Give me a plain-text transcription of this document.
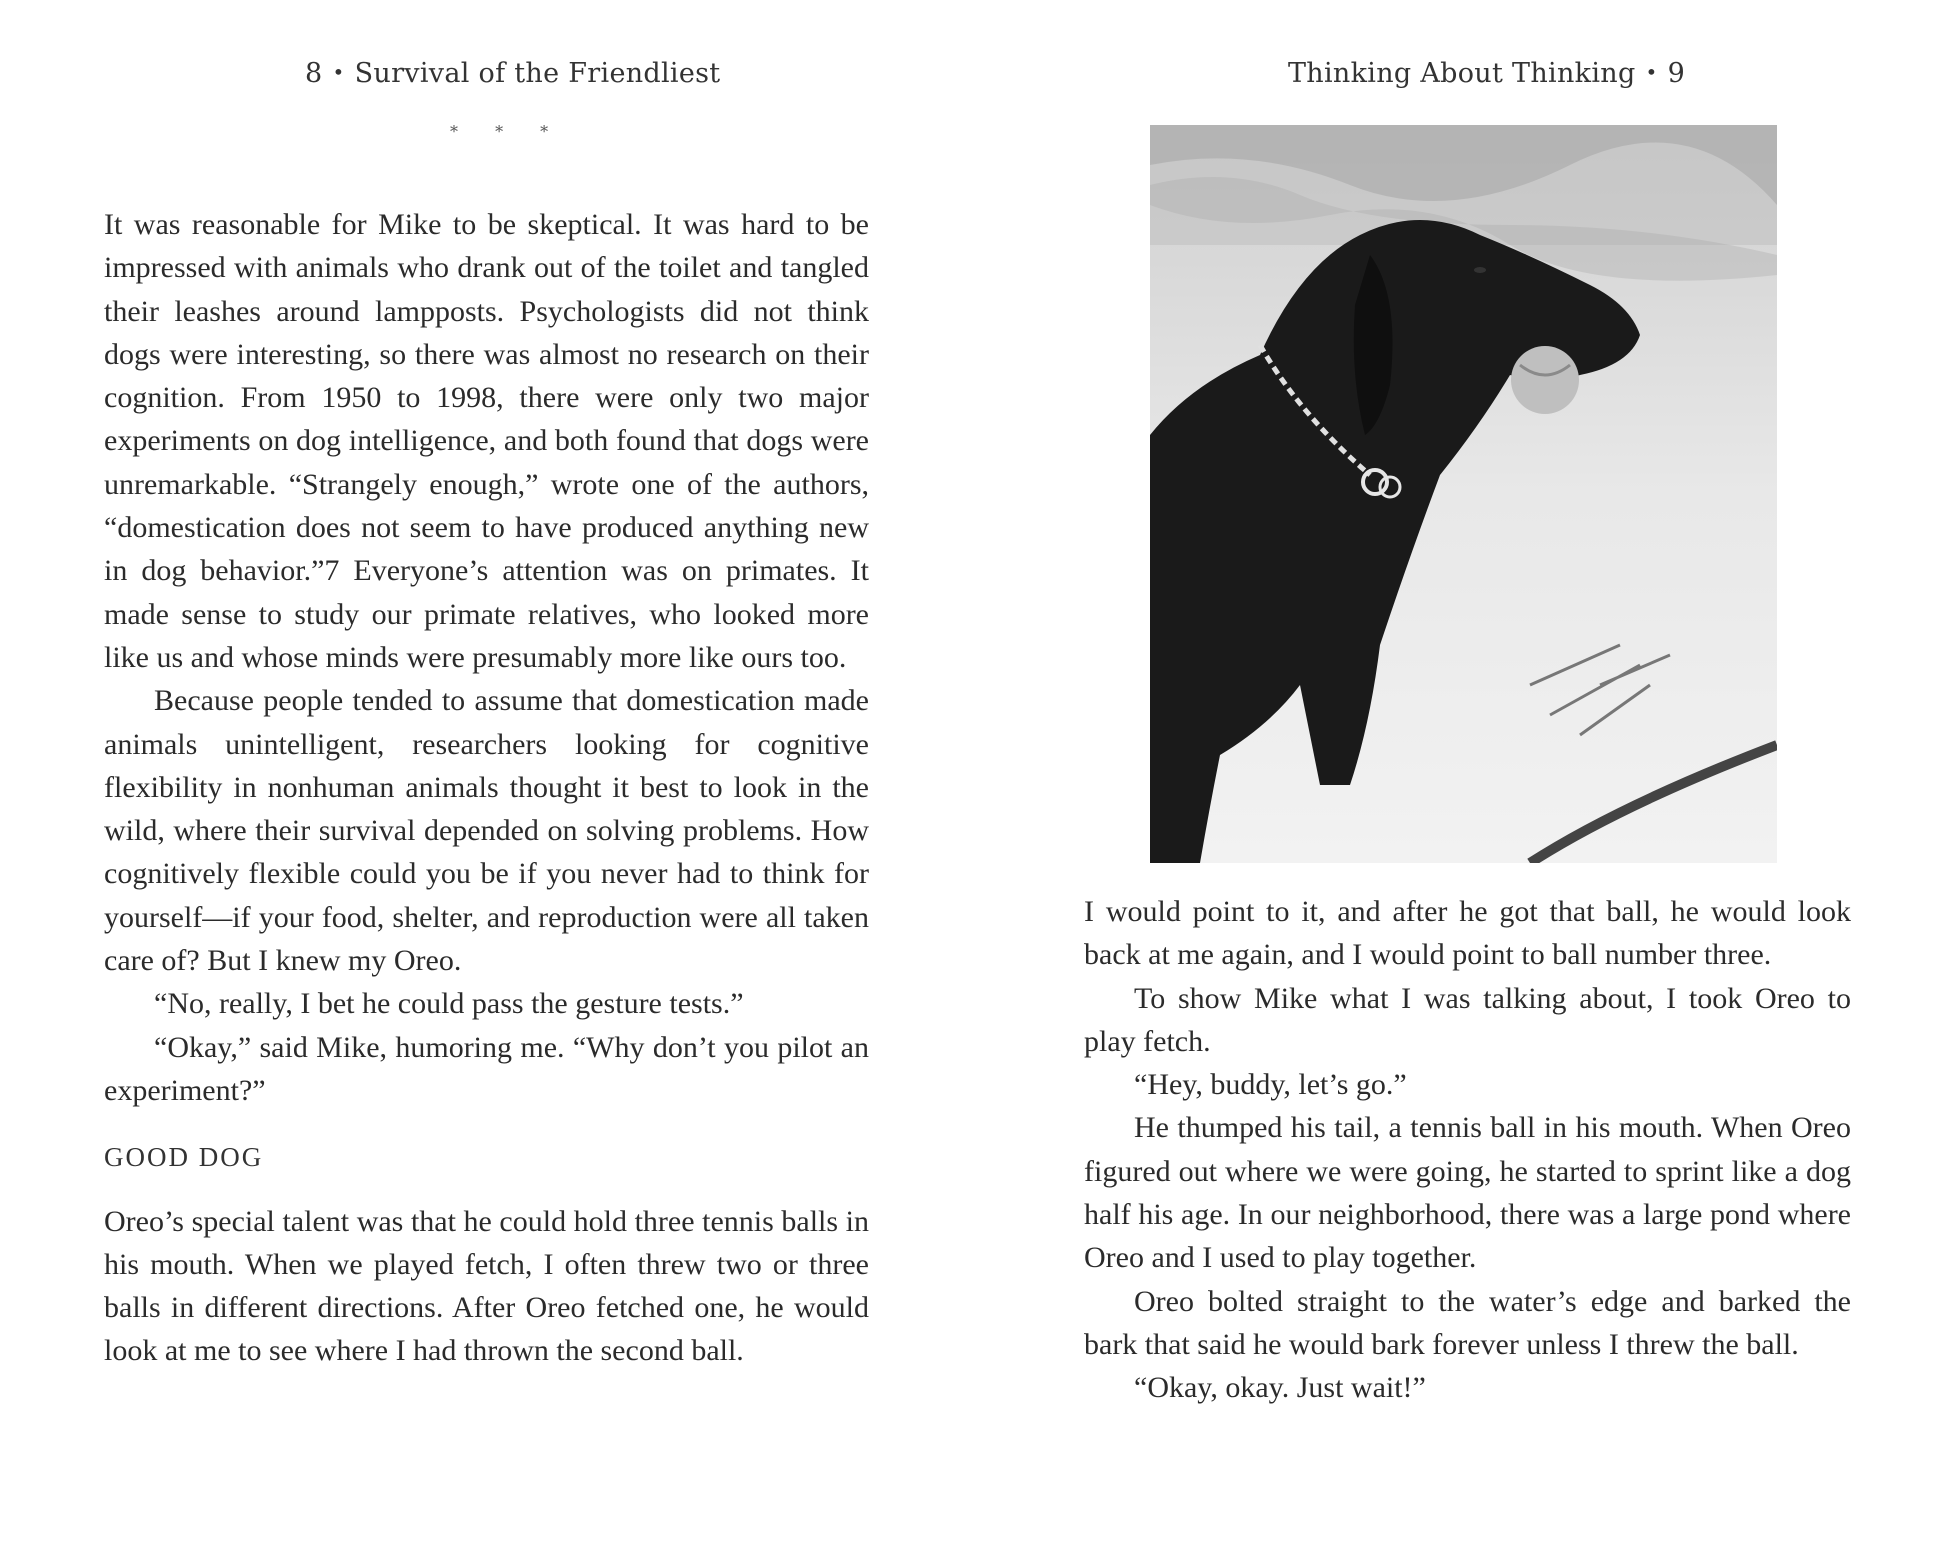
8 • Survival of the Friendliest
* * *

It was reasonable for Mike to be skeptical. It was hard to be impressed with animals who drank out of the toilet and tangled their leashes around lampposts. Psychologists did not think dogs were interesting, so there was almost no research on their cognition. From 1950 to 1998, there were only two major experiments on dog intelligence, and both found that dogs were unremarkable. “Strangely enough,” wrote one of the authors, “domestication does not seem to have produced anything new in dog behavior.”7 Everyone’s attention was on primates. It made sense to study our primate relatives, who looked more like us and whose minds were presumably more like ours too.

Because people tended to assume that domestication made animals unintelligent, researchers looking for cognitive flexibility in nonhuman animals thought it best to look in the wild, where their survival depended on solving problems. How cognitively flexible could you be if you never had to think for yourself—if your food, shelter, and reproduction were all taken care of? But I knew my Oreo.

“No, really, I bet he could pass the gesture tests.”

“Okay,” said Mike, humoring me. “Why don’t you pilot an experiment?”

GOOD DOG

Oreo’s special talent was that he could hold three tennis balls in his mouth. When we played fetch, I often threw two or three balls in different directions. After Oreo fetched one, he would look at me to see where I had thrown the second ball.

Thinking About Thinking • 9

I would point to it, and after he got that ball, he would look back at me again, and I would point to ball number three.

To show Mike what I was talking about, I took Oreo to play fetch.

“Hey, buddy, let’s go.”

He thumped his tail, a tennis ball in his mouth. When Oreo figured out where we were going, he started to sprint like a dog half his age. In our neighborhood, there was a large pond where Oreo and I used to play together.

Oreo bolted straight to the water’s edge and barked the bark that said he would bark forever unless I threw the ball.

“Okay, okay. Just wait!”
